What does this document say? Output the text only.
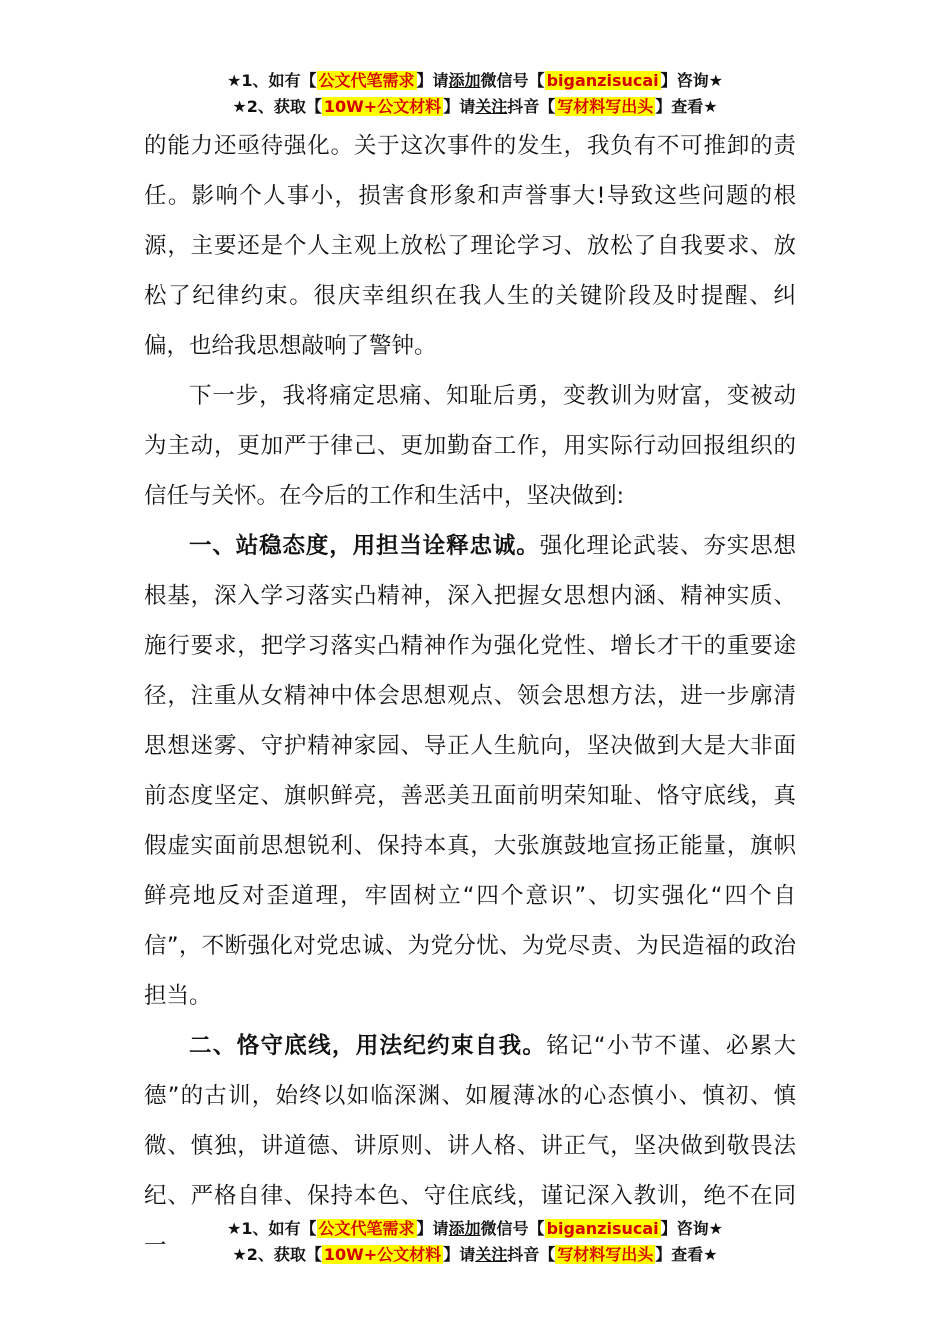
★1、如有【 公文代笔需求 】请添加微信号【 biganzisucai 】咨询★
★2、获取【 10W+公文材料 】请关注抖音【 写材料写出头 】查看★

的能力还亟待强化。关于这次事件的发生，我负有不可推卸的责任。影响个人事小，损害食形象和声誉事大!导致这些问题的根源，主要还是个人主观上放松了理论学习、放松了自我要求、放松了纪律约束。很庆幸组织在我人生的关键阶段及时提醒、纠偏，也给我思想敲响了警钟。

下一步，我将痛定思痛、知耻后勇，变教训为财富，变被动为主动，更加严于律己、更加勤奋工作，用实际行动回报组织的信任与关怀。在今后的工作和生活中，坚决做到:

一、站稳态度，用担当诠释忠诚。强化理论武装、夯实思想根基，深入学习落实凸精神，深入把握女思想内涵、精神实质、施行要求，把学习落实凸精神作为强化党性、增长才干的重要途径，注重从女精神中体会思想观点、领会思想方法，进一步廓清思想迷雾、守护精神家园、导正人生航向，坚决做到大是大非面前态度坚定、旗帜鲜亮，善恶美丑面前明荣知耻、恪守底线，真假虚实面前思想锐利、保持本真，大张旗鼓地宣扬正能量，旗帜鲜亮地反对歪道理，牢固树立“四个意识”、切实强化“四个自信”，不断强化对党忠诚、为党分忧、为党尽责、为民造福的政治担当。

二、恪守底线，用法纪约束自我。铭记“小节不谨、必累大德”的古训，始终以如临深渊、如履薄冰的心态慎小、慎初、慎微、慎独，讲道德、讲原则、讲人格、讲正气，坚决做到敬畏法纪、严格自律、保持本色、守住底线，谨记深入教训，绝不在同一

★1、如有【 公文代笔需求 】请添加微信号【 biganzisucai 】咨询★
★2、获取【 10W+公文材料 】请关注抖音【 写材料写出头 】查看★
